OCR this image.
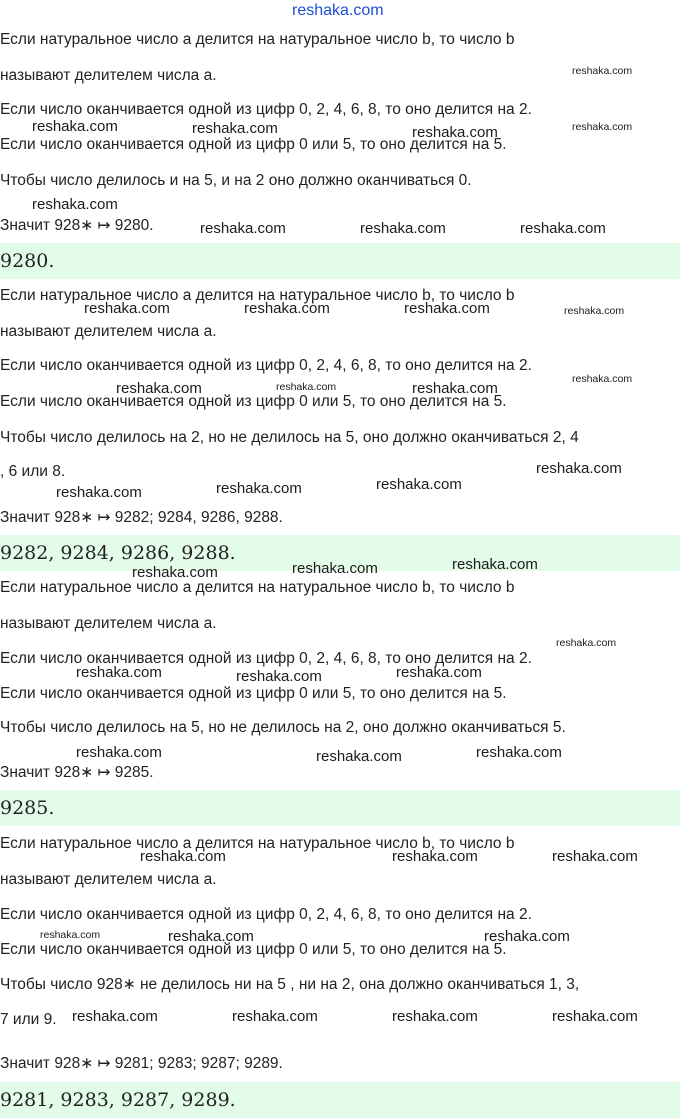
reshaka.com
Если натуральное число a делится на натуральное число b, то число b
называют делителем числа a.
Если число оканчивается одной из цифр 0, 2, 4, 6, 8, то оно делится на 2.
Если число оканчивается одной из цифр 0 или 5, то оно делится на 5.
Чтобы число делилось и на 5, и на 2 оно должно оканчиваться 0.
Значит 928∗ ↦ 9280.
9280.
Если натуральное число a делится на натуральное число b, то число b
называют делителем числа a.
Если число оканчивается одной из цифр 0, 2, 4, 6, 8, то оно делится на 2.
Если число оканчивается одной из цифр 0 или 5, то оно делится на 5.
Чтобы число делилось на 2, но не делилось на 5, оно должно оканчиваться 2, 4
, 6 или 8.
Значит 928∗ ↦ 9282; 9284, 9286, 9288.
9282, 9284, 9286, 9288.
Если натуральное число a делится на натуральное число b, то число b
называют делителем числа a.
Если число оканчивается одной из цифр 0, 2, 4, 6, 8, то оно делится на 2.
Если число оканчивается одной из цифр 0 или 5, то оно делится на 5.
Чтобы число делилось на 5, но не делилось на 2, оно должно оканчиваться 5.
Значит 928∗ ↦ 9285.
9285.
Если натуральное число a делится на натуральное число b, то число b
называют делителем числа a.
Если число оканчивается одной из цифр 0, 2, 4, 6, 8, то оно делится на 2.
Если число оканчивается одной из цифр 0 или 5, то оно делится на 5.
Чтобы число 928∗ не делилось ни на 5 , ни на 2, она должно оканчиваться 1, 3,
7 или 9.
Значит 928∗ ↦ 9281; 9283; 9287; 9289.
9281, 9283, 9287, 9289.
reshaka.com
reshaka.com	reshaka.com	reshaka.com	reshaka.com
reshaka.com
reshaka.com	reshaka.com	reshaka.com
reshaka.com	reshaka.com	reshaka.com	reshaka.com
reshaka.com	reshaka.com	reshaka.com
reshaka.com
reshaka.com
reshaka.com
reshaka.com
reshaka.com
reshaka.com
reshaka.com
reshaka.com
reshaka.com
reshaka.com
reshaka.com
reshaka.com
reshaka.com
reshaka.com
reshaka.com
reshaka.com	reshaka.com	reshaka.com
reshaka.com	reshaka.com	reshaka.com
reshaka.com	reshaka.com	reshaka.com	reshaka.com
